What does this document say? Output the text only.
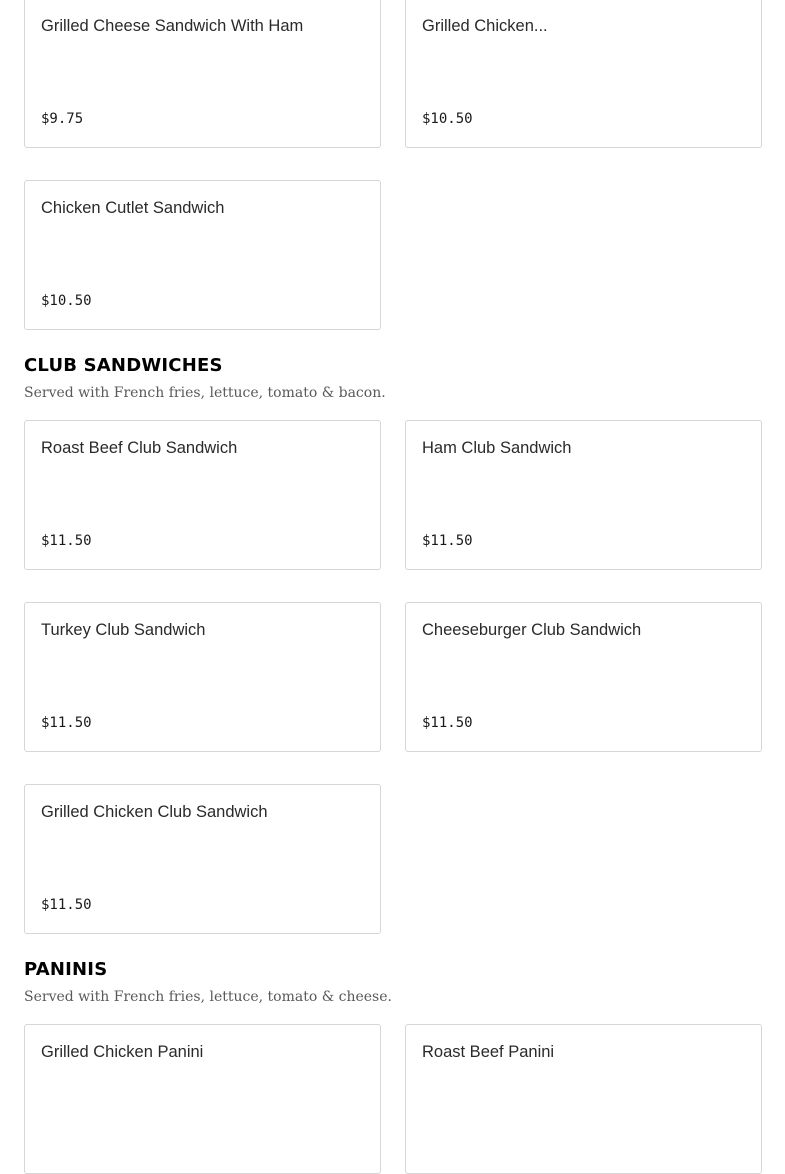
Grilled Cheese Sandwich With Ham
$9.75
Grilled Chicken...
$10.50
Chicken Cutlet Sandwich
$10.50
CLUB SANDWICHES

Served with French fries, lettuce, tomato & bacon.

Roast Beef Club Sandwich
$11.50
Ham Club Sandwich
$11.50
Turkey Club Sandwich
$11.50
Cheeseburger Club Sandwich
$11.50
Grilled Chicken Club Sandwich
$11.50
PANINIS

Served with French fries, lettuce, tomato & cheese.

Grilled Chicken Panini	Roast Beef Panini
